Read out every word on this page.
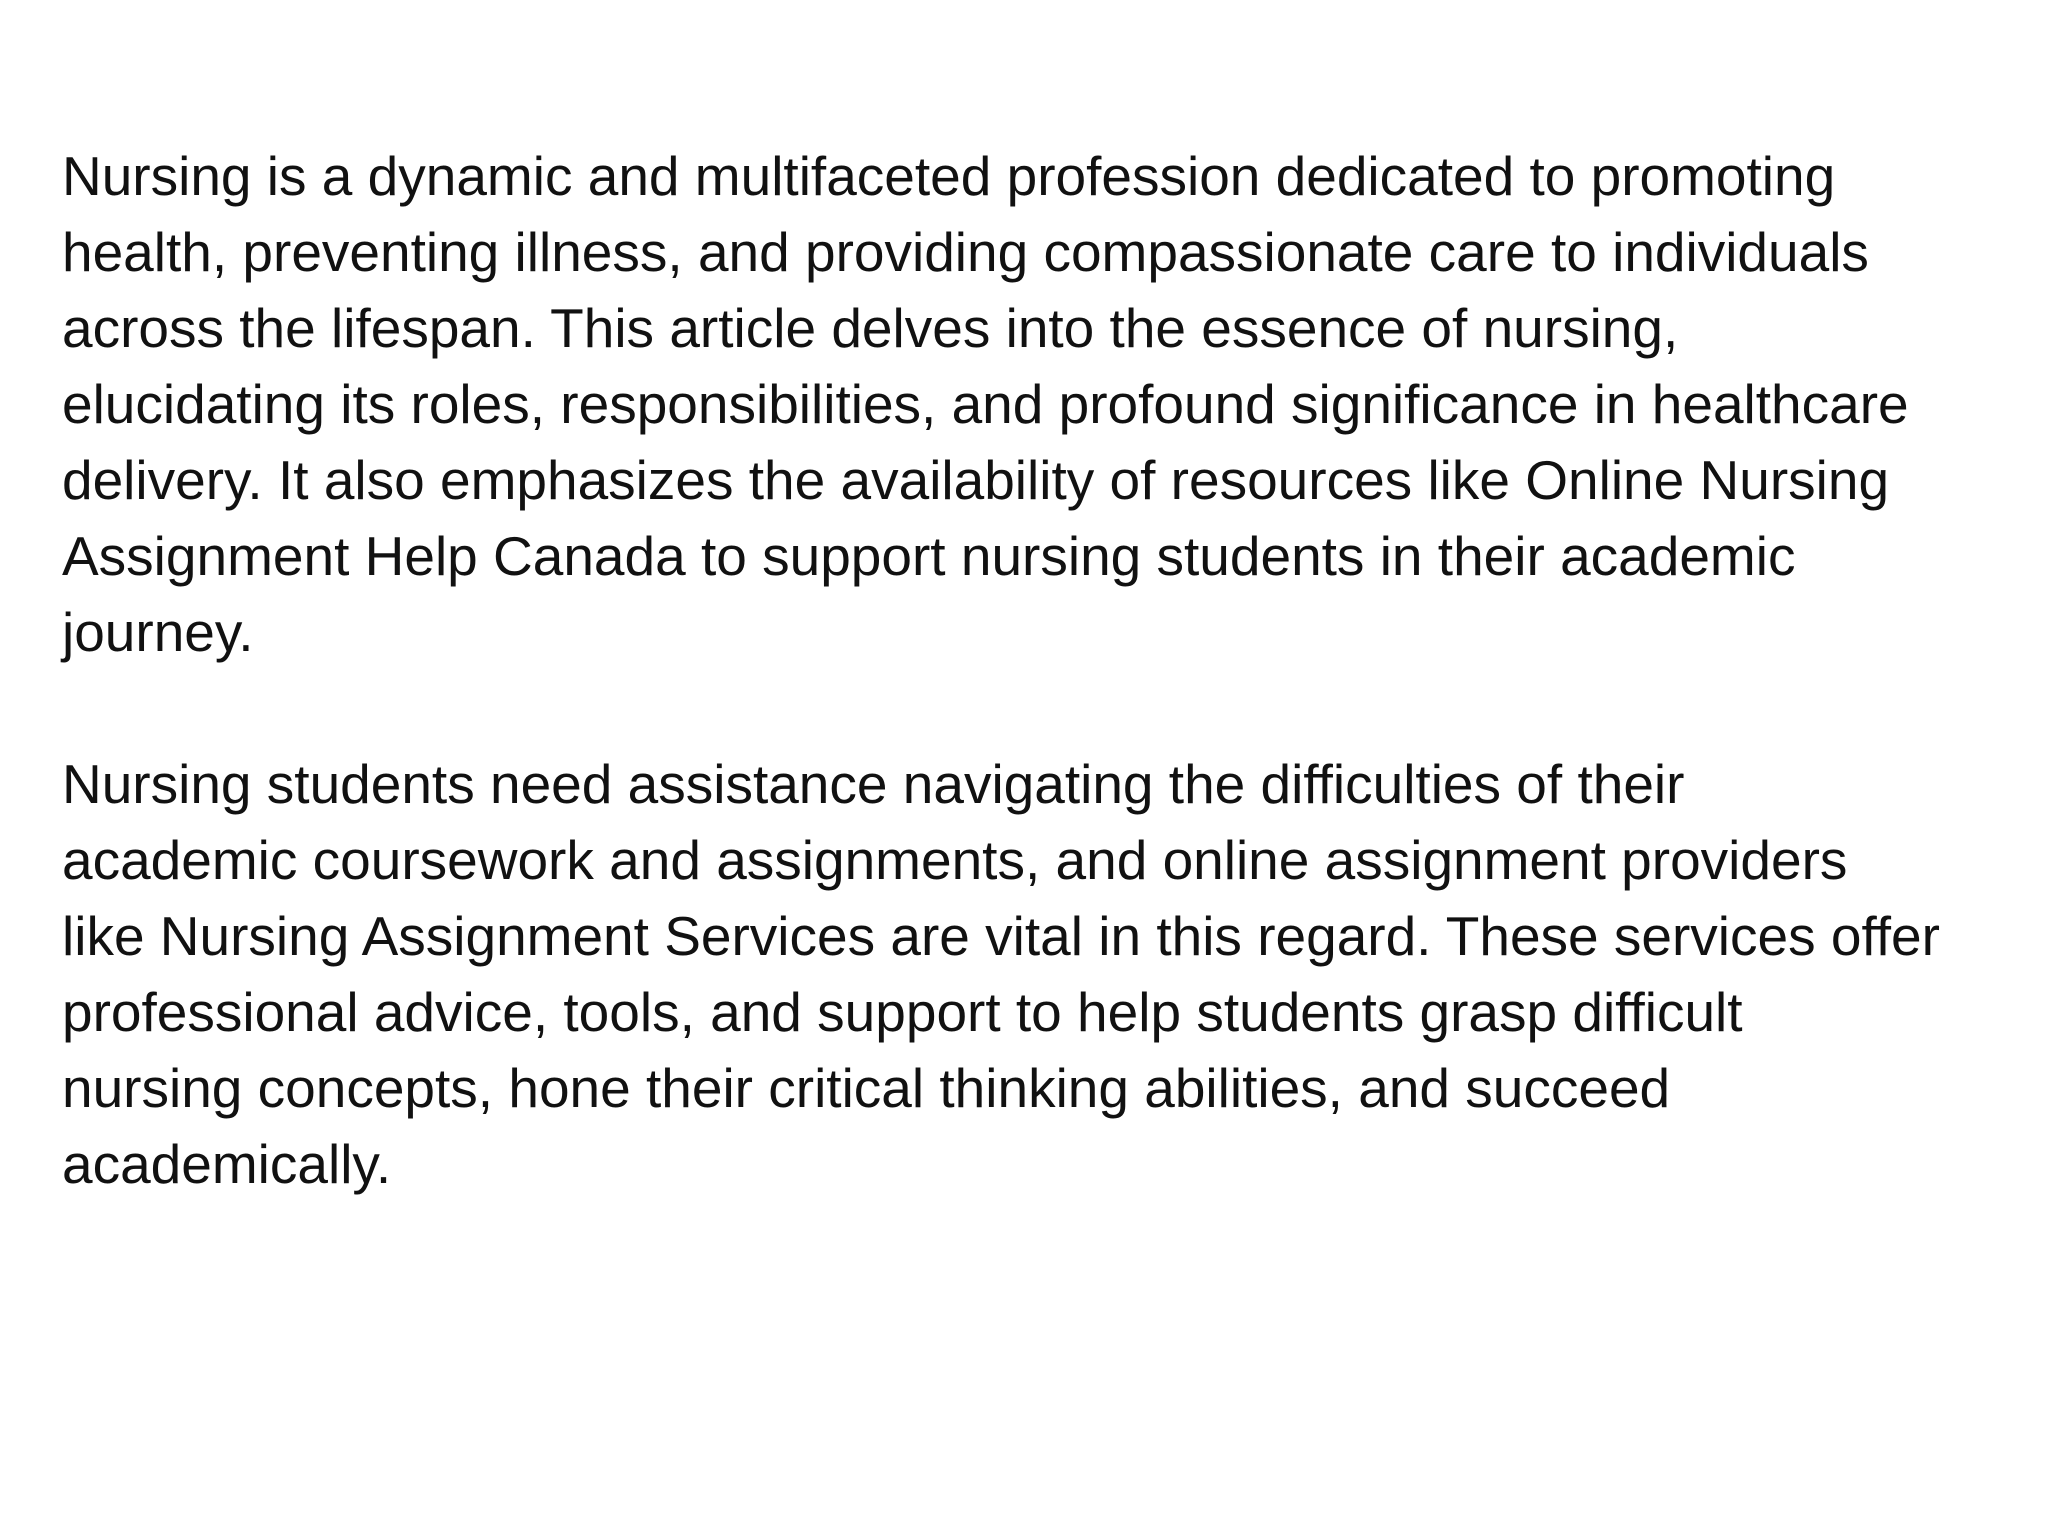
Nursing is a dynamic and multifaceted profession dedicated to promoting
health, preventing illness, and providing compassionate care to individuals
across the lifespan. This article delves into the essence of nursing,
elucidating its roles, responsibilities, and profound significance in healthcare
delivery. It also emphasizes the availability of resources like Online Nursing
Assignment Help Canada to support nursing students in their academic
journey.

Nursing students need assistance navigating the difficulties of their
academic coursework and assignments, and online assignment providers
like Nursing Assignment Services are vital in this regard. These services offer
professional advice, tools, and support to help students grasp difficult
nursing concepts, hone their critical thinking abilities, and succeed
academically.
